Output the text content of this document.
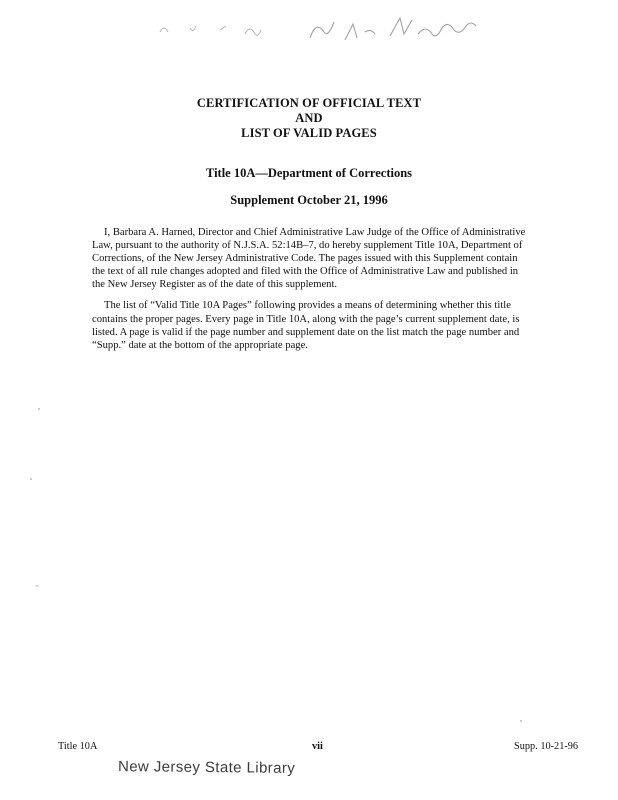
CERTIFICATION OF OFFICIAL TEXT
AND
LIST OF VALID PAGES
Title 10A—Department of Corrections
Supplement October 21, 1996

I, Barbara A. Harned, Director and Chief Administrative Law Judge of the Office of Administrative Law, pursuant to the authority of N.J.S.A. 52:14B–7, do hereby supplement Title 10A, Department of Corrections, of the New Jersey Administrative Code. The pages issued with this Supplement contain the text of all rule changes adopted and filed with the Office of Administrative Law and published in the New Jersey Register as of the date of this supplement.

The list of “Valid Title 10A Pages” following provides a means of determining whether this title contains the proper pages. Every page in Title 10A, along with the page’s current supplement date, is listed. A page is valid if the page number and supplement date on the list match the page number and “Supp.” date at the bottom of the appropriate page.

Title 10A	vii	Supp. 10-21-96
New Jersey State Library
